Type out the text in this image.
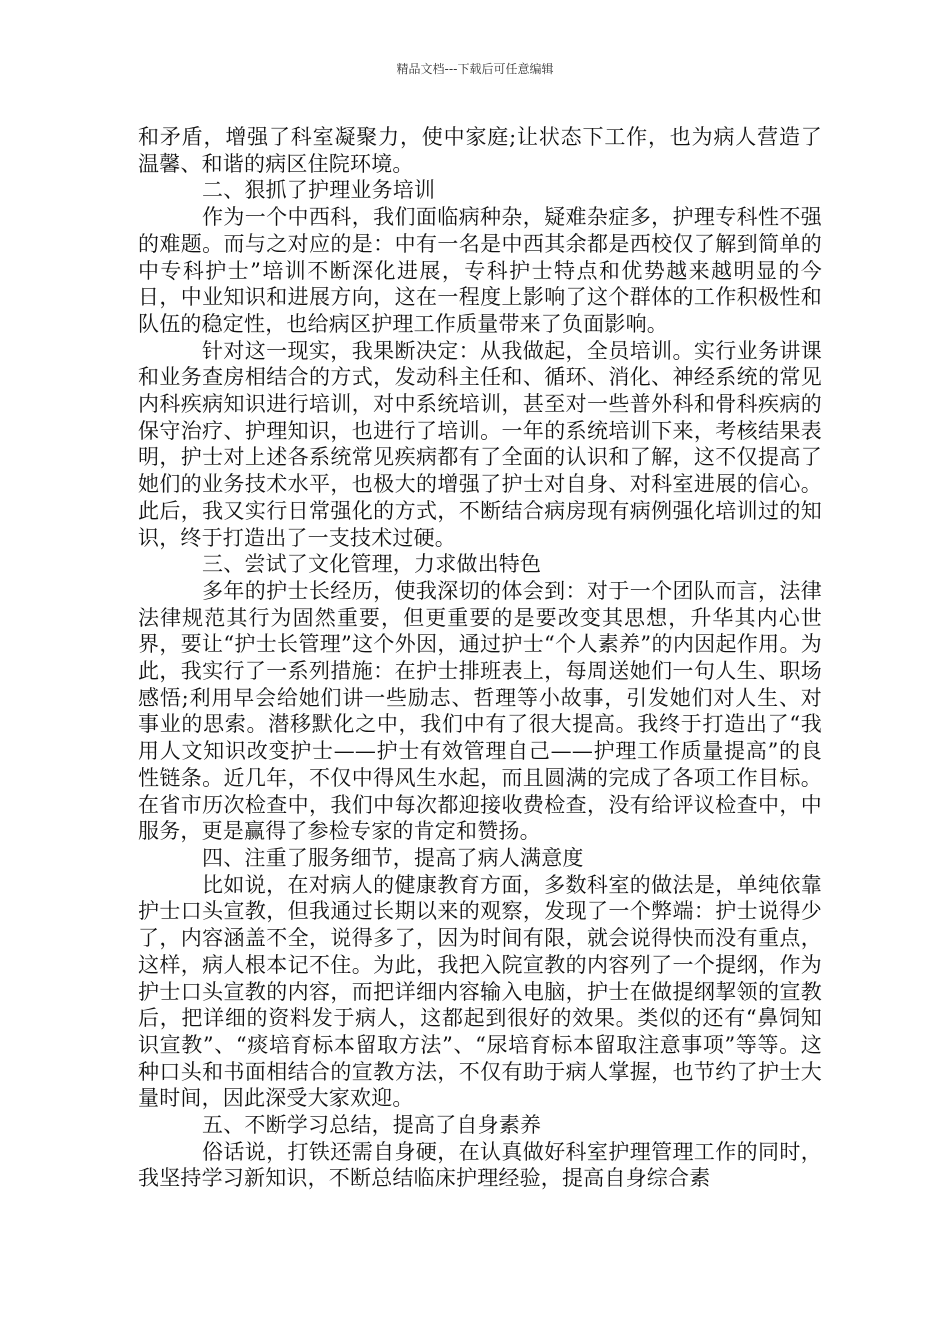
精品文档---下载后可任意编辑

和矛盾，增强了科室凝聚力，使中家庭;让状态下工作，也为病人营造了温馨、和谐的病区住院环境。

二、狠抓了护理业务培训

作为一个中西科，我们面临病种杂，疑难杂症多，护理专科性不强的难题。而与之对应的是：中有一名是中西其余都是西校仅了解到简单的中专科护士”培训不断深化进展，专科护士特点和优势越来越明显的今日，中业知识和进展方向，这在一程度上影响了这个群体的工作积极性和队伍的稳定性，也给病区护理工作质量带来了负面影响。

针对这一现实，我果断决定：从我做起，全员培训。实行业务讲课和业务查房相结合的方式，发动科主任和、循环、消化、神经系统的常见内科疾病知识进行培训，对中系统培训，甚至对一些普外科和骨科疾病的保守治疗、护理知识，也进行了培训。一年的系统培训下来，考核结果表明，护士对上述各系统常见疾病都有了全面的认识和了解，这不仅提高了她们的业务技术水平，也极大的增强了护士对自身、对科室进展的信心。此后，我又实行日常强化的方式，不断结合病房现有病例强化培训过的知识，终于打造出了一支技术过硬。

三、尝试了文化管理，力求做出特色

多年的护士长经历，使我深切的体会到：对于一个团队而言，法律法律规范其行为固然重要，但更重要的是要改变其思想，升华其内心世界，要让“护士长管理”这个外因，通过护士“个人素养”的内因起作用。为此，我实行了一系列措施：在护士排班表上，每周送她们一句人生、职场感悟;利用早会给她们讲一些励志、哲理等小故事，引发她们对人生、对事业的思索。潜移默化之中，我们中有了很大提高。我终于打造出了“我用人文知识改变护士——护士有效管理自己——护理工作质量提高”的良性链条。近几年，不仅中得风生水起，而且圆满的完成了各项工作目标。在省市历次检查中，我们中每次都迎接收费检查，没有给评议检查中，中服务，更是赢得了参检专家的肯定和赞扬。

四、注重了服务细节，提高了病人满意度

比如说，在对病人的健康教育方面，多数科室的做法是，单纯依靠护士口头宣教，但我通过长期以来的观察，发现了一个弊端：护士说得少了，内容涵盖不全，说得多了，因为时间有限，就会说得快而没有重点，这样，病人根本记不住。为此，我把入院宣教的内容列了一个提纲，作为护士口头宣教的内容，而把详细内容输入电脑，护士在做提纲挈领的宣教后，把详细的资料发于病人，这都起到很好的效果。类似的还有“鼻饲知识宣教”、“痰培育标本留取方法”、“尿培育标本留取注意事项”等等。这种口头和书面相结合的宣教方法，不仅有助于病人掌握，也节约了护士大量时间，因此深受大家欢迎。

五、不断学习总结，提高了自身素养

俗话说，打铁还需自身硬，在认真做好科室护理管理工作的同时，我坚持学习新知识，不断总结临床护理经验，提高自身综合素
